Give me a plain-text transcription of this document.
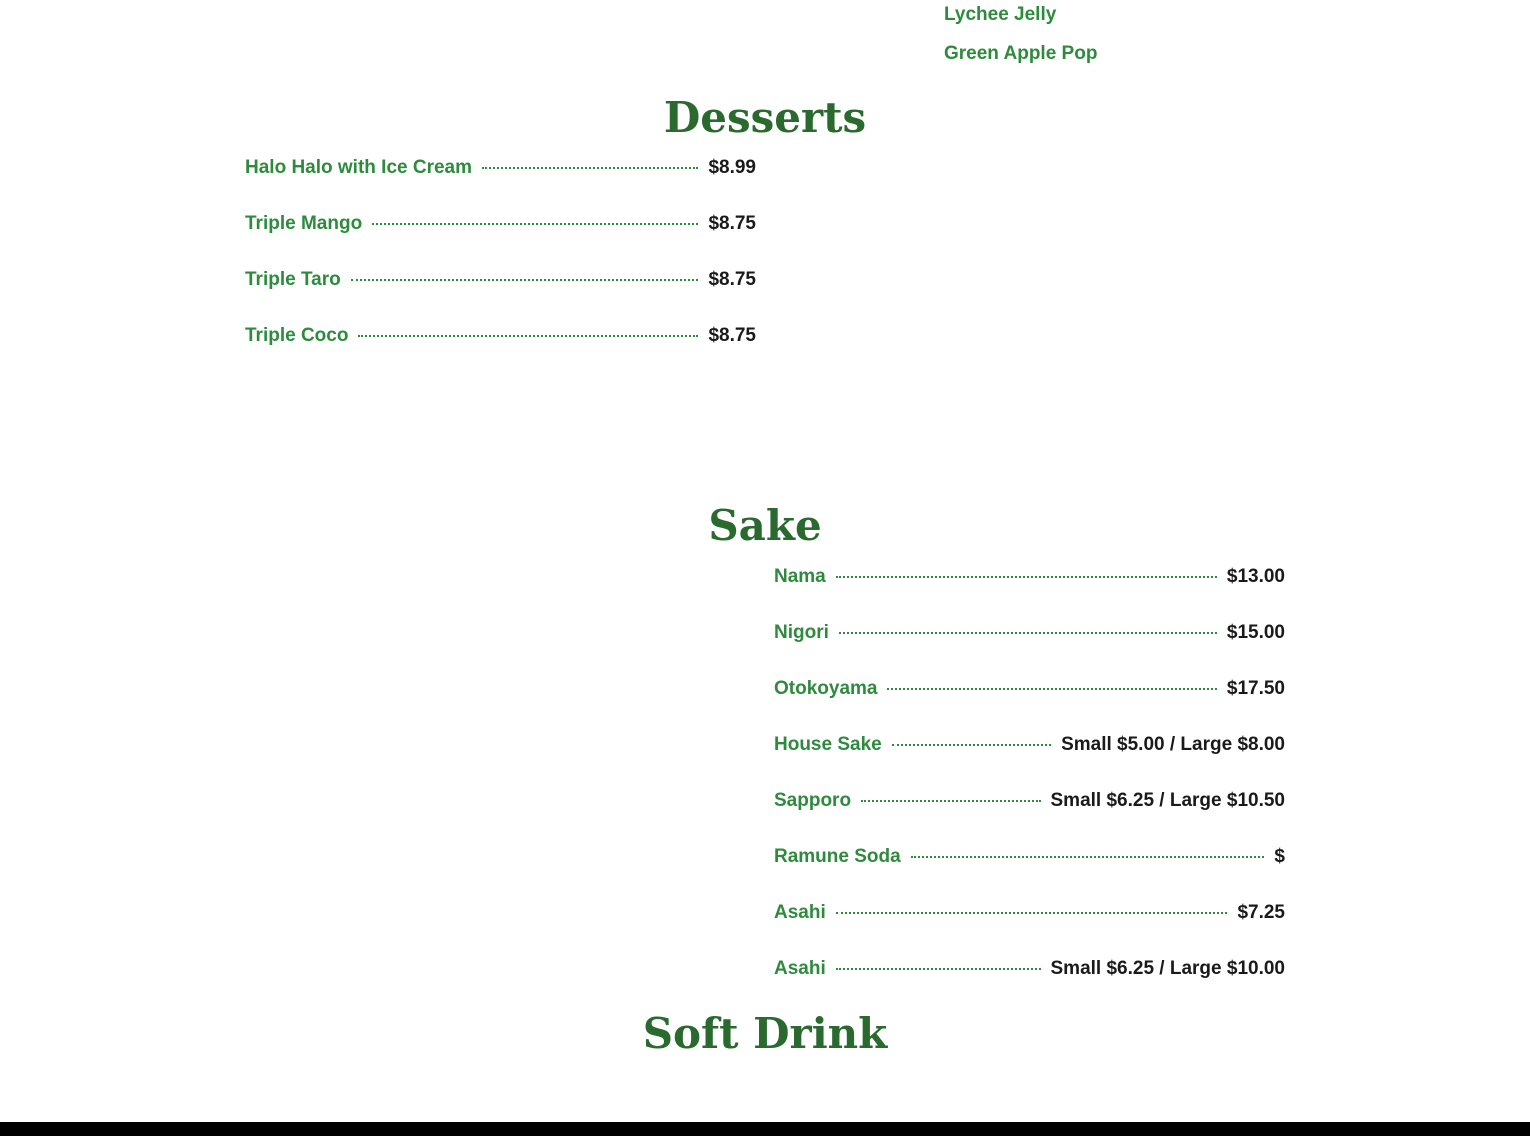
Lychee Jelly
Green Apple Pop
Desserts
Halo Halo with Ice Cream	$8.99
Triple Mango	$8.75
Triple Taro	$8.75
Triple Coco	$8.75
Sake
Nama	$13.00
Nigori	$15.00
Otokoyama	$17.50
House Sake	Small $5.00 / Large $8.00
Sapporo	Small $6.25 / Large $10.50
Ramune Soda	$
Asahi	$7.25
Asahi	Small $6.25 / Large $10.00
Soft Drink
